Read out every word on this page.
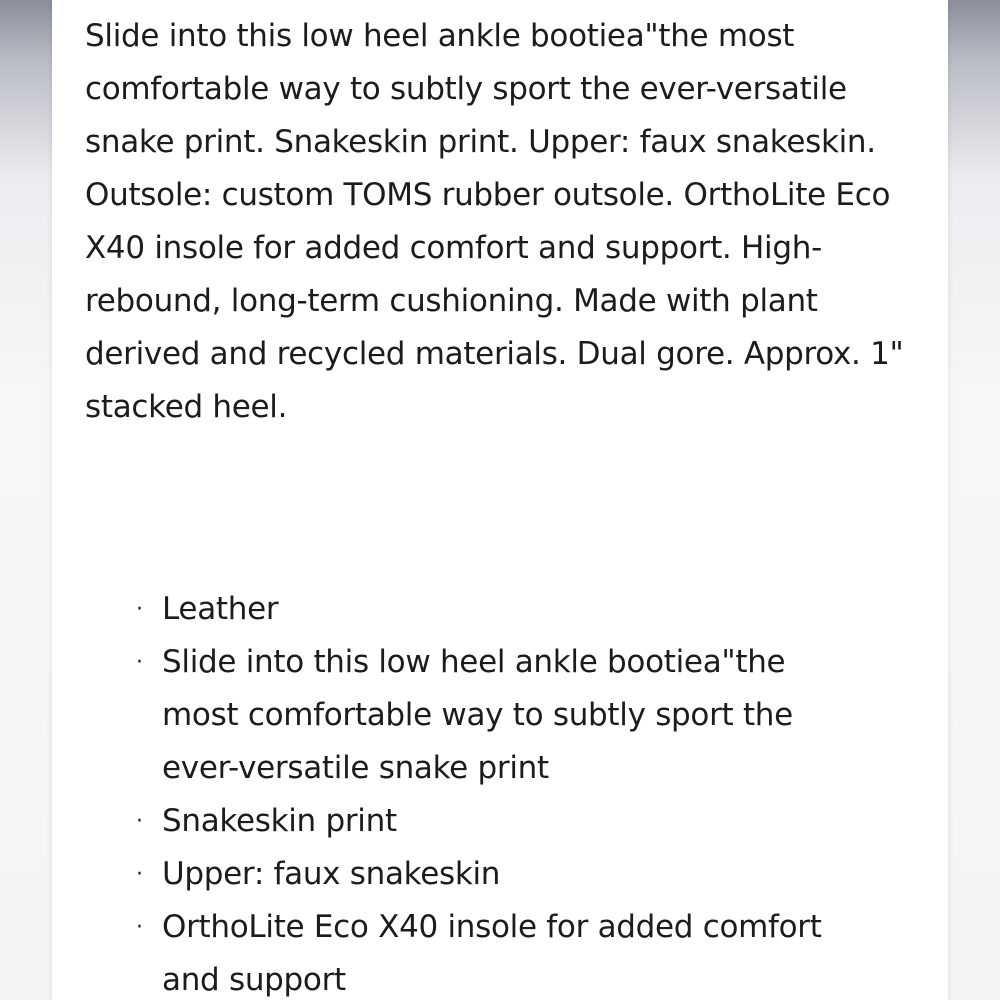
Slide into this low heel ankle bootiea"the most comfortable way to subtly sport the ever-versatile snake print. Snakeskin print. Upper: faux snakeskin. Outsole: custom TOMS rubber outsole. OrthoLite Eco X40 insole for added comfort and support. High-rebound, long-term cushioning. Made with plant derived and recycled materials. Dual gore. Approx. 1" stacked heel.

· Leather
· Slide into this low heel ankle bootiea"the most comfortable way to subtly sport the ever-versatile snake print
· Snakeskin print
· Upper: faux snakeskin
· OrthoLite Eco X40 insole for added comfort and support
